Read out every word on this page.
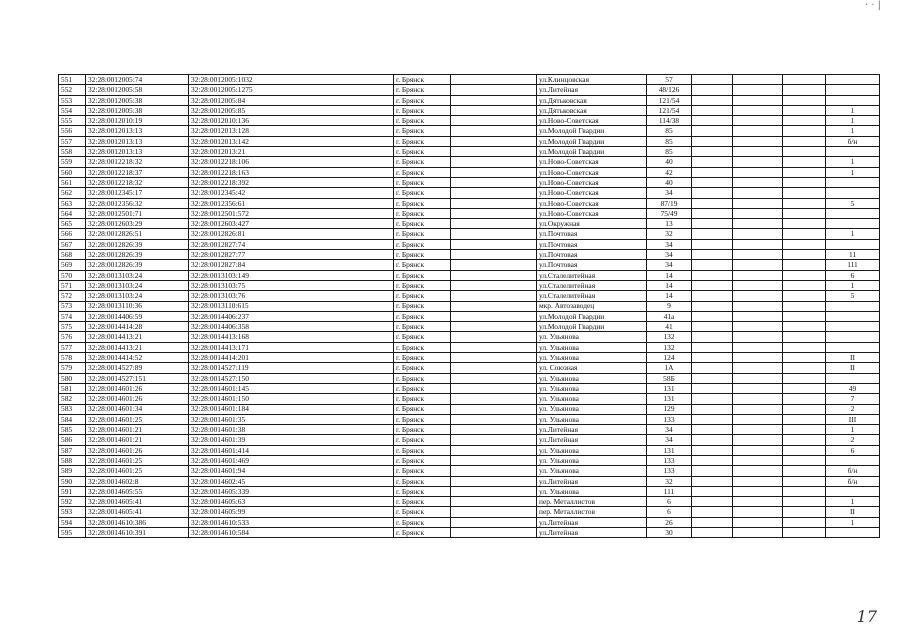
· · |
551	32:28:0012005:74	32:28:0012005:1032	г. Брянск		ул.Клинцовская	57				
552	32:28:0012005:58	32:28:0012005:1275	г. Брянск		ул.Литейная	48/126				
553	32:28:0012005:38	32:28:0012005:84	г. Брянск		ул.Дятьковская	121/54				
554	32:28:0012005:38	32:28:0012005:85	г. Брянск		ул.Дятьковская	121/54				1
555	32:28:0012010:19	32:28:0012010:136	г. Брянск		ул.Ново-Советская	114/38				1
556	32:28:0012013:13	32:28:0012013:128	г. Брянск		ул.Молодой Гвардии	85				1
557	32:28:0012013:13	32:28:0012013:142	г. Брянск		ул.Молодой Гвардии	85				б/н
558	32:28:0012013:13	32:28:0012013:21	г. Брянск		ул.Молодой Гвардии	85				
559	32:28:0012218:32	32:28:0012218:106	г. Брянск		ул.Ново-Советская	40				1
560	32:28:0012218:37	32:28:0012218:163	г. Брянск		ул.Ново-Советская	42				1
561	32:28:0012218:32	32:28:0012218:392	г. Брянск		ул.Ново-Советская	40				
562	32:28:0012345:17	32:28:0012345:42	г. Брянск		ул.Ново-Советская	34				
563	32:28:0012356:32	32:28:0012356:61	г. Брянск		ул.Ново-Советская	87/19				5
564	32:28:0012501:71	32:28:0012501:572	г. Брянск		ул.Ново-Советская	75/49				
565	32:28:0012603:29	32:28:0012603:427	г. Брянск		ул.Окружная	13				
566	32:28:0012826:51	32:28:0012826:81	г. Брянск		ул.Почтовая	32				1
567	32:28:0012826:39	32:28:0012827:74	г. Брянск		ул.Почтовая	34				
568	32:28:0012826:39	32:28:0012827:77	г. Брянск		ул.Почтовая	34				11
569	32:28:0012826:39	32:28:0012827:84	г. Брянск		ул.Почтовая	34				111
570	32:28:0013103:24	32:28:0013103:149	г. Брянск		ул.Сталелитейная	14				6
571	32:28:0013103:24	32:28:0013103:75	г. Брянск		ул.Сталелитейная	14				1
572	32:28:0013103:24	32:28:0013103:76	г. Брянск		ул.Сталелитейная	14				5
573	32:28:0013110:36	32:28:0013110:615	г. Брянск		мкр. Автозаводец	9				
574	32:28:0014406:59	32:28:0014406:237	г. Брянск		ул.Молодой Гвардии	41а				
575	32:28:0014414:28	32:28:0014406:358	г. Брянск		ул.Молодой Гвардии	41				
576	32:28:0014413:21	32:28:0014413:168	г. Брянск		ул. Ульянова	132				
577	32:28:0014413:21	32:28:0014413:171	г. Брянск		ул. Ульянова	132				
578	32:28:0014414:52	32:28:0014414:201	г. Брянск		ул. Ульянова	124				II
579	32:28:0014527:89	32:28:0014527:119	г. Брянск		ул. Союзная	1А				II
580	32:28:0014527:151	32:28:0014527:150	г. Брянск		ул. Ульянова	58Б				
581	32:28:0014601:26	32:28:0014601:145	г. Брянск		ул. Ульянова	131				49
582	32:28:0014601:26	32:28:0014601:150	г. Брянск		ул. Ульянова	131				7
583	32:28:0014601:34	32:28:0014601:184	г. Брянск		ул. Ульянова	129				2
584	32:28:0014601:25	32:28:0014601:35	г. Брянск		ул. Ульянова	133				III
585	32:28:0014601:21	32:28:0014601:38	г. Брянск		ул.Литейная	34				1
586	32:28:0014601:21	32:28:0014601:39	г. Брянск		ул.Литейная	34				2
587	32:28:0014601:26	32:28:0014601:414	г. Брянск		ул. Ульянова	131				6
588	32:28:0014601:25	32:28:0014601:469	г. Брянск		ул. Ульянова	133				
589	32:28:0014601:25	32:28:0014601:94	г. Брянск		ул. Ульянова	133				б/н
590	32:28:0014602:8	32:28:0014602:45	г. Брянск		ул.Литейная	32				б/н
591	32:28:0014605:55	32:28:0014605:339	г. Брянск		ул. Ульянова	111				
592	32:28:0014605:41	32:28:0014605:63	г. Брянск		пер. Металлистов	6				1
593	32:28:0014605:41	32:28:0014605:99	г. Брянск		пер. Металлистов	6				II
594	32:28:0014610:386	32:28:0014610:533	г. Брянск		ул.Литейная	26				1
595	32:28:0014610:391	32:28:0014610:584	г. Брянск		ул.Литейная	30				
17
